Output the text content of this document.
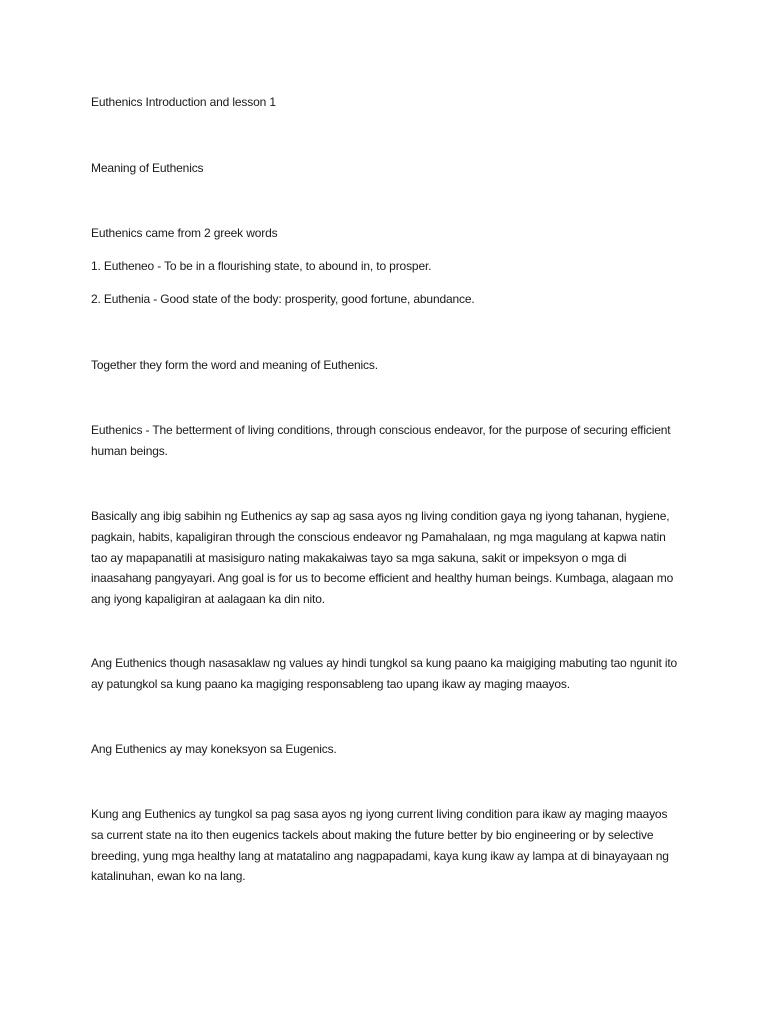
Euthenics Introduction and lesson 1

Meaning of Euthenics

Euthenics came from 2 greek words

1. Eutheneo - To be in a flourishing state, to abound in, to prosper.

2. Euthenia - Good state of the body: prosperity, good fortune, abundance.

Together they form the word and meaning of Euthenics.

Euthenics - The betterment of living conditions, through conscious endeavor, for the purpose of securing efficient human beings.

Basically ang ibig sabihin ng Euthenics ay sap ag sasa ayos ng living condition gaya ng iyong tahanan, hygiene, pagkain, habits, kapaligiran through the conscious endeavor ng Pamahalaan, ng mga magulang at kapwa natin tao ay mapapanatili at masisiguro nating makakaiwas tayo sa mga sakuna, sakit or impeksyon o mga di inaasahang pangyayari. Ang goal is for us to become efficient and healthy human beings. Kumbaga, alagaan mo ang iyong kapaligiran at aalagaan ka din nito.

Ang Euthenics though nasasaklaw ng values ay hindi tungkol sa kung paano ka maigiging mabuting tao ngunit ito ay patungkol sa kung paano ka magiging responsableng tao upang ikaw ay maging maayos.

Ang Euthenics ay may koneksyon sa Eugenics.

Kung ang Euthenics ay tungkol sa pag sasa ayos ng iyong current living condition para ikaw ay maging maayos sa current state na ito then eugenics tackels about making the future better by bio engineering or by selective breeding, yung mga healthy lang at matatalino ang nagpapadami, kaya kung ikaw ay lampa at di binayayaan ng katalinuhan, ewan ko na lang.
